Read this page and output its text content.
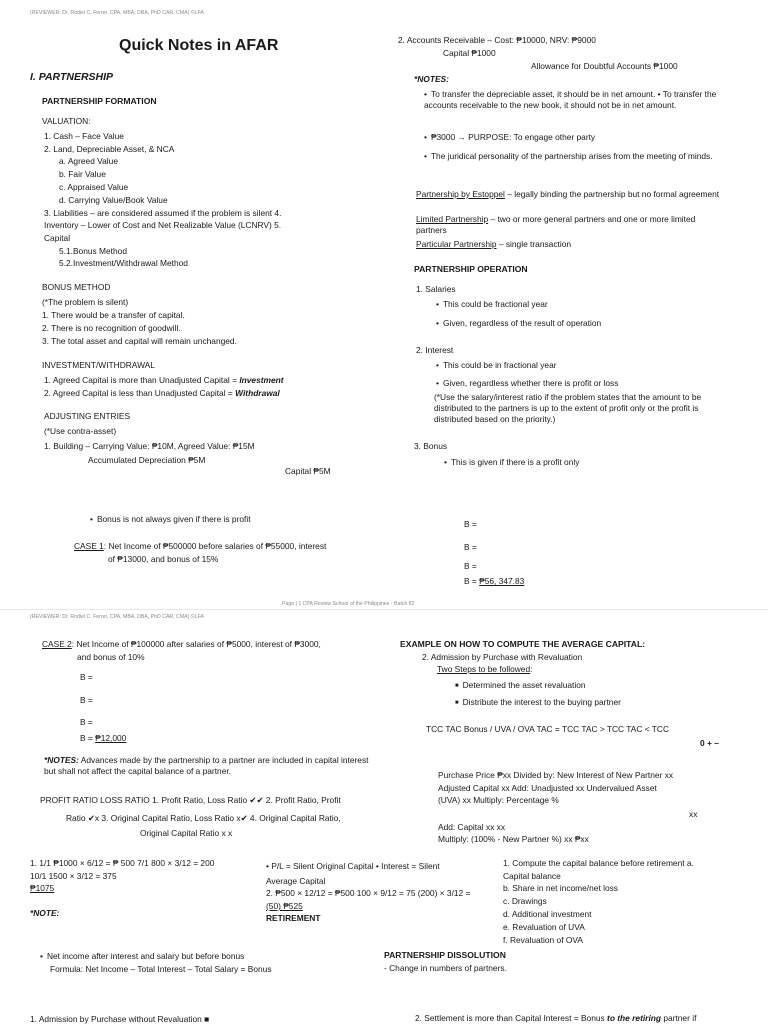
(REVIEWER: Dr. Rodiel C. Ferrer, CPA, MBA, DBA, PhD CAR, CMA) ©LFA
Quick Notes in AFAR
I. PARTNERSHIP
PARTNERSHIP FORMATION
VALUATION:
1. Cash – Face Value
2. Land, Depreciable Asset, & NCA
a. Agreed Value
b. Fair Value
c. Appraised Value
d. Carrying Value/Book Value
3. Liabilities – are considered assumed if the problem is silent 4.
Inventory – Lower of Cost and Net Realizable Value (LCNRV) 5.
Capital
5.1.Bonus Method
5.2.Investment/Withdrawal Method
BONUS METHOD
(*The problem is silent)
1. There would be a transfer of capital.
2. There is no recognition of goodwill.
3. The total asset and capital will remain unchanged.
INVESTMENT/WITHDRAWAL
1. Agreed Capital is more than Unadjusted Capital = Investment
2. Agreed Capital is less than Unadjusted Capital = Withdrawal
ADJUSTING ENTRIES
(*Use contra-asset)
1. Building – Carrying Value: ₱10M, Agreed Value: ₱15M
Accumulated Depreciation ₱5M
Capital ₱5M
• Bonus is not always given if there is profit
CASE 1: Net Income of ₱500000 before salaries of ₱55000, interest
of ₱13000, and bonus of 15%
B =
B =
B =
B = ₱56, 347.83
2. Accounts Receivable – Cost: ₱10000, NRV: ₱9000
Capital ₱1000
Allowance for Doubtful Accounts ₱1000
*NOTES:
• To transfer the depreciable asset, it should be in net amount. • To transfer the accounts receivable to the new book, it should not be in net amount.
• ₱3000 → PURPOSE: To engage other party
• The juridical personality of the partnership arises from the meeting of minds.
Partnership by Estoppel – legally binding the partnership but no formal agreement
Limited Partnership – two or more general partners and one or more limited partners
Particular Partnership – single transaction
PARTNERSHIP OPERATION
1. Salaries
• This could be fractional year
• Given, regardless of the result of operation
2. Interest
• This could be in fractional year
• Given, regardless whether there is profit or loss
(*Use the salary/interest ratio if the problem states that the amount to be distributed to the partners is up to the extent of profit only or the profit is distributed based on the priority.)
3. Bonus
• This is given if there is a profit only
Page | 1 CPA Review School of the Philippines - Batch 82
(REVIEWER: Dr. Rodiel C. Ferrer, CPA, MBA, DBA, PhD CAR, CMA) ©LFA
CASE 2: Net Income of ₱100000 after salaries of ₱5000, interest of ₱3000,
and bonus of 10%
B =
B =
B =
B = ₱12,000
*NOTES: Advances made by the partnership to a partner are included in capital interest but shall not affect the capital balance of a partner.
PROFIT RATIO LOSS RATIO 1. Profit Ratio, Loss Ratio ✔✔ 2. Profit Ratio, Profit
Ratio ✔x 3. Original Capital Ratio, Loss Ratio x✔ 4. Original Capital Ratio,
Original Capital Ratio x x
1. 1/1 ₱1000 × 6/12 = ₱ 500 7/1 800 × 3/12 = 200
10/1 1500 × 3/12 = 375
₱1075
*NOTE:
• P/L = Silent Original Capital • Interest = Silent
Average Capital
2. ₱500 × 12/12 = ₱500 100 × 9/12 = 75 (200) × 3/12 =
(50) ₱525
RETIREMENT
• Net income after interest and salary but before bonus
Formula: Net Income – Total Interest – Total Salary = Bonus
1. Admission by Purchase without Revaluation ■
EXAMPLE ON HOW TO COMPUTE THE AVERAGE CAPITAL:
2. Admission by Purchase with Revaluation
Two Steps to be followed:
■ Determined the asset revaluation
■ Distribute the interest to the buying partner
TCC TAC Bonus / UVA / OVA TAC = TCC TAC > TCC TAC < TCC
0 + –
Purchase Price ₱xx Divided by: New Interest of New Partner xx
Adjusted Capital xx Add: Unadjusted xx Undervalued Asset
(UVA) xx Multiply: Percentage %
xx
Add: Capital xx xx
Multiply: (100% - New Partner %) xx ₱xx
1. Compute the capital balance before retirement a.
Capital balance
b. Share in net income/net loss
c. Drawings
d. Additional investment
e. Revaluation of UVA
f. Revaluation of OVA
PARTNERSHIP DISSOLUTION
- Change in numbers of partners.
2. Settlement is more than Capital Interest = Bonus to the retiring partner if
